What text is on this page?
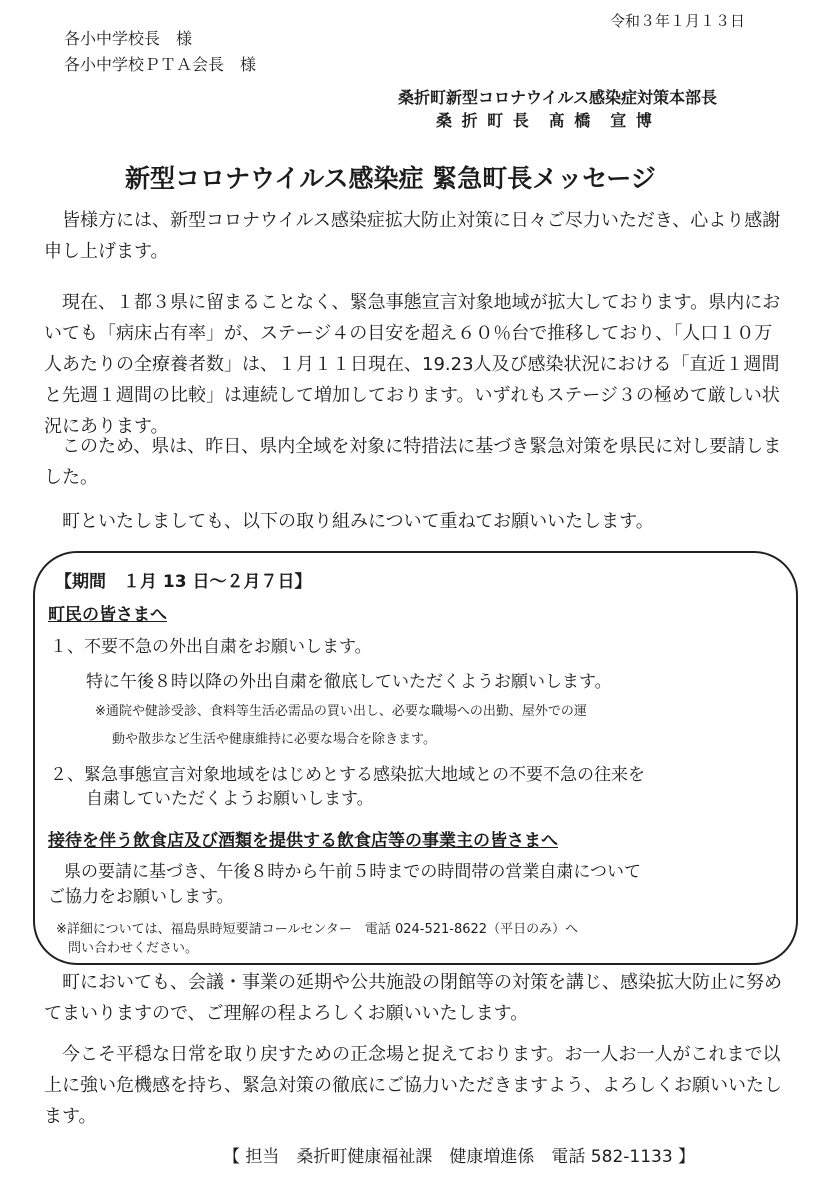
令和３年１月１３日
各小中学校長　様
各小中学校ＰＴＡ会長　様
桑折町新型コロナウイルス感染症対策本部長
桑 折 町 長　髙 橋　宣 博
新型コロナウイルス感染症 緊急町長メッセージ
皆様方には、新型コロナウイルス感染症拡大防止対策に日々ご尽力いただき、心より感謝申し上げます。
現在、１都３県に留まることなく、緊急事態宣言対象地域が拡大しております。県内においても「病床占有率」が、ステージ４の目安を超え６０％台で推移しており、「人口１０万人あたりの全療養者数」は、１月１１日現在、19.23人及び感染状況における「直近１週間と先週１週間の比較」は連続して増加しております。いずれもステージ３の極めて厳しい状況にあります。
このため、県は、昨日、県内全域を対象に特措法に基づき緊急対策を県民に対し要請しました。
町といたしましても、以下の取り組みについて重ねてお願いいたします。
【期間　１月 13 日～２月７日】
町民の皆さまへ
１、不要不急の外出自粛をお願いします。
特に午後８時以降の外出自粛を徹底していただくようお願いします。
※通院や健診受診、食料等生活必需品の買い出し、必要な職場への出勤、屋外での運
動や散歩など生活や健康維持に必要な場合を除きます。
２、緊急事態宣言対象地域をはじめとする感染拡大地域との不要不急の往来を
自粛していただくようお願いします。
接待を伴う飲食店及び酒類を提供する飲食店等の事業主の皆さまへ
県の要請に基づき、午後８時から午前５時までの時間帯の営業自粛について
ご協力をお願いします。
※詳細については、福島県時短要請コールセンター　電話 024-521-8622（平日のみ）へ
問い合わせください。
町においても、会議・事業の延期や公共施設の閉館等の対策を講じ、感染拡大防止に努めてまいりますので、ご理解の程よろしくお願いいたします。
今こそ平穏な日常を取り戻すための正念場と捉えております。お一人お一人がこれまで以上に強い危機感を持ち、緊急対策の徹底にご協力いただきますよう、よろしくお願いいたします。
【 担当　桑折町健康福祉課　健康増進係　電話 582-1133 】
